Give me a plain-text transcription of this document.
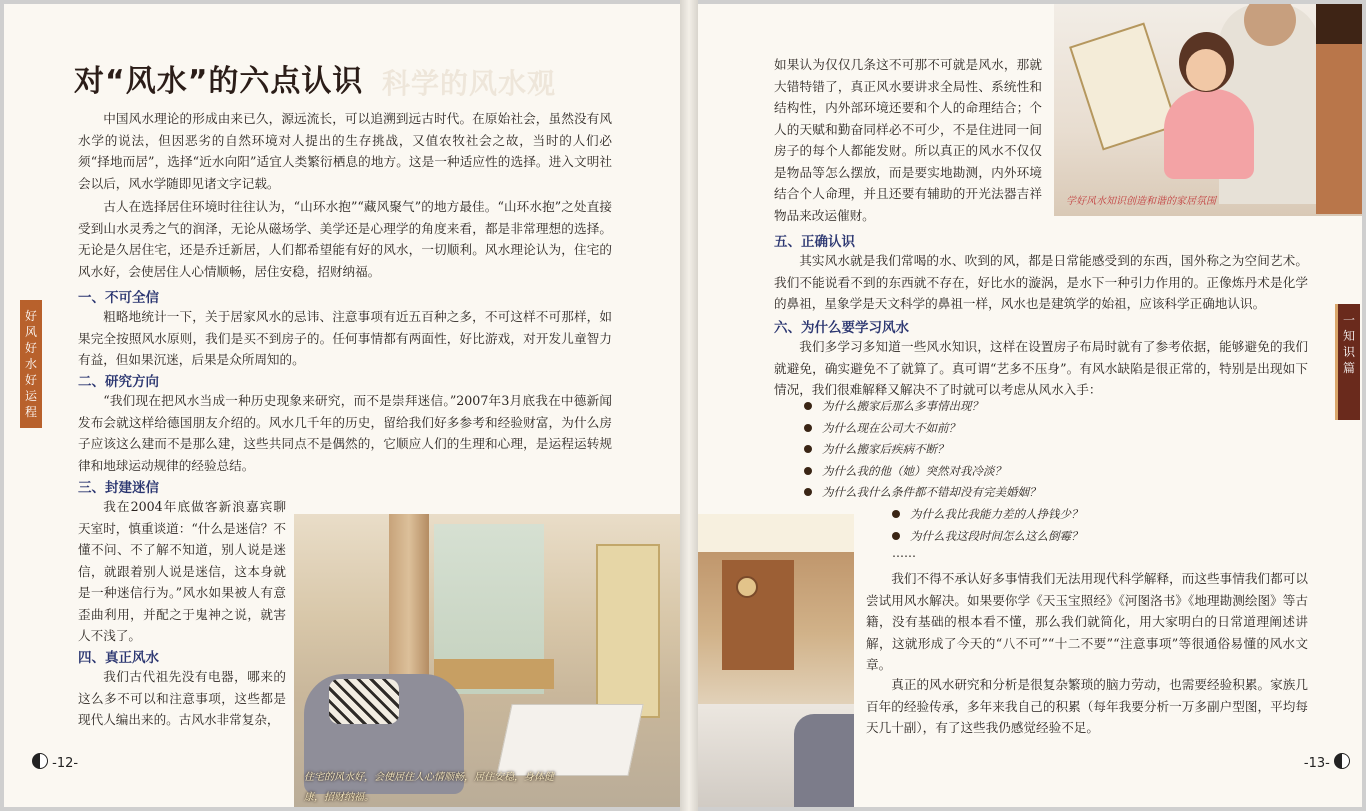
科学的风水观
对“风水”的六点认识

中国风水理论的形成由来已久，源远流长，可以追溯到远古时代。在原始社会，虽然没有风水学的说法，但因恶劣的自然环境对人提出的生存挑战，又值农牧社会之故，当时的人们必须“择地而居”，选择“近水向阳”适宜人类繁衍栖息的地方。这是一种适应性的选择。进入文明社会以后，风水学随即见诸文字记载。

古人在选择居住环境时往往认为，“山环水抱”“藏风聚气”的地方最佳。“山环水抱”之处直接受到山水灵秀之气的润泽，无论从磁场学、美学还是心理学的角度来看，都是非常理想的选择。无论是久居住宅，还是乔迁新居，人们都希望能有好的风水，一切顺利。风水理论认为，住宅的风水好，会使居住人心情顺畅，居住安稳，招财纳福。

一、不可全信

粗略地统计一下，关于居家风水的忌讳、注意事项有近五百种之多，不可这样不可那样，如果完全按照风水原则，我们是买不到房子的。任何事情都有两面性，好比游戏，对开发儿童智力有益，但如果沉迷，后果是众所周知的。

二、研究方向

“我们现在把风水当成一种历史现象来研究，而不是崇拜迷信。”2007年3月底我在中德新闻发布会就这样给德国朋友介绍的。风水几千年的历史，留给我们好多参考和经验财富，为什么房子应该这么建而不是那么建，这些共同点不是偶然的，它顺应人们的生理和心理，是运程运转规律和地球运动规律的经验总结。

三、封建迷信

我在2004年底做客新浪嘉宾聊天室时，慎重谈道：“什么是迷信？不懂不问、不了解不知道，别人说是迷信，就跟着别人说是迷信，这本身就是一种迷信行为。”风水如果被人有意歪曲利用，并配之于鬼神之说，就害人不浅了。

四、真正风水

我们古代祖先没有电器，哪来的这么多不可以和注意事项，这些都是现代人编出来的。古风水非常复杂，

好
风
好
水
好
运
程
住宅的风水好，会使居住人心情顺畅，居住安稳，身体健康，招财纳福。
-12-

如果认为仅仅几条这不可那不可就是风水，那就大错特错了，真正风水要讲求全局性、系统性和结构性，内外部环境还要和个人的命理结合；个人的天赋和勤奋同样必不可少，不是住进同一间房子的每个人都能发财。所以真正的风水不仅仅是物品等怎么摆放，而是要实地勘测，内外环境结合个人命理，并且还要有辅助的开光法器吉祥物品来改运催财。

学好风水知识创造和谐的家居氛围
五、正确认识

其实风水就是我们常喝的水、吹到的风，都是日常能感受到的东西，国外称之为空间艺术。我们不能说看不到的东西就不存在，好比水的漩涡，是水下一种引力作用的。正像炼丹术是化学的鼻祖，星象学是天文科学的鼻祖一样，风水也是建筑学的始祖，应该科学正确地认识。

六、为什么要学习风水

我们多学习多知道一些风水知识，这样在设置房子布局时就有了参考依据，能够避免的我们就避免，确实避免不了就算了。真可谓“艺多不压身”。有风水缺陷是很正常的，特别是出现如下情况，我们很难解释又解决不了时就可以考虑从风水入手：

为什么搬家后那么多事情出现？
为什么现在公司大不如前？
为什么搬家后疾病不断？
为什么我的他（她）突然对我冷淡？
为什么我什么条件都不错却没有完美婚姻？
为什么我比我能力差的人挣钱少？
为什么我这段时间怎么这么倒霉？
……

我们不得不承认好多事情我们无法用现代科学解释，而这些事情我们都可以尝试用风水解决。如果要你学《天玉宝照经》《河图洛书》《地理勘测绘图》等古籍，没有基础的根本看不懂，那么我们就简化，用大家明白的日常道理阐述讲解，这就形成了今天的“八不可”“十二不要”“注意事项”等很通俗易懂的风水文章。

真正的风水研究和分析是很复杂繁琐的脑力劳动，也需要经验积累。家族几百年的经验传承，多年来我自己的积累（每年我要分析一万多副户型图，平均每天几十副），有了这些我仍感觉经验不足。

一
知
识
篇
-13-
